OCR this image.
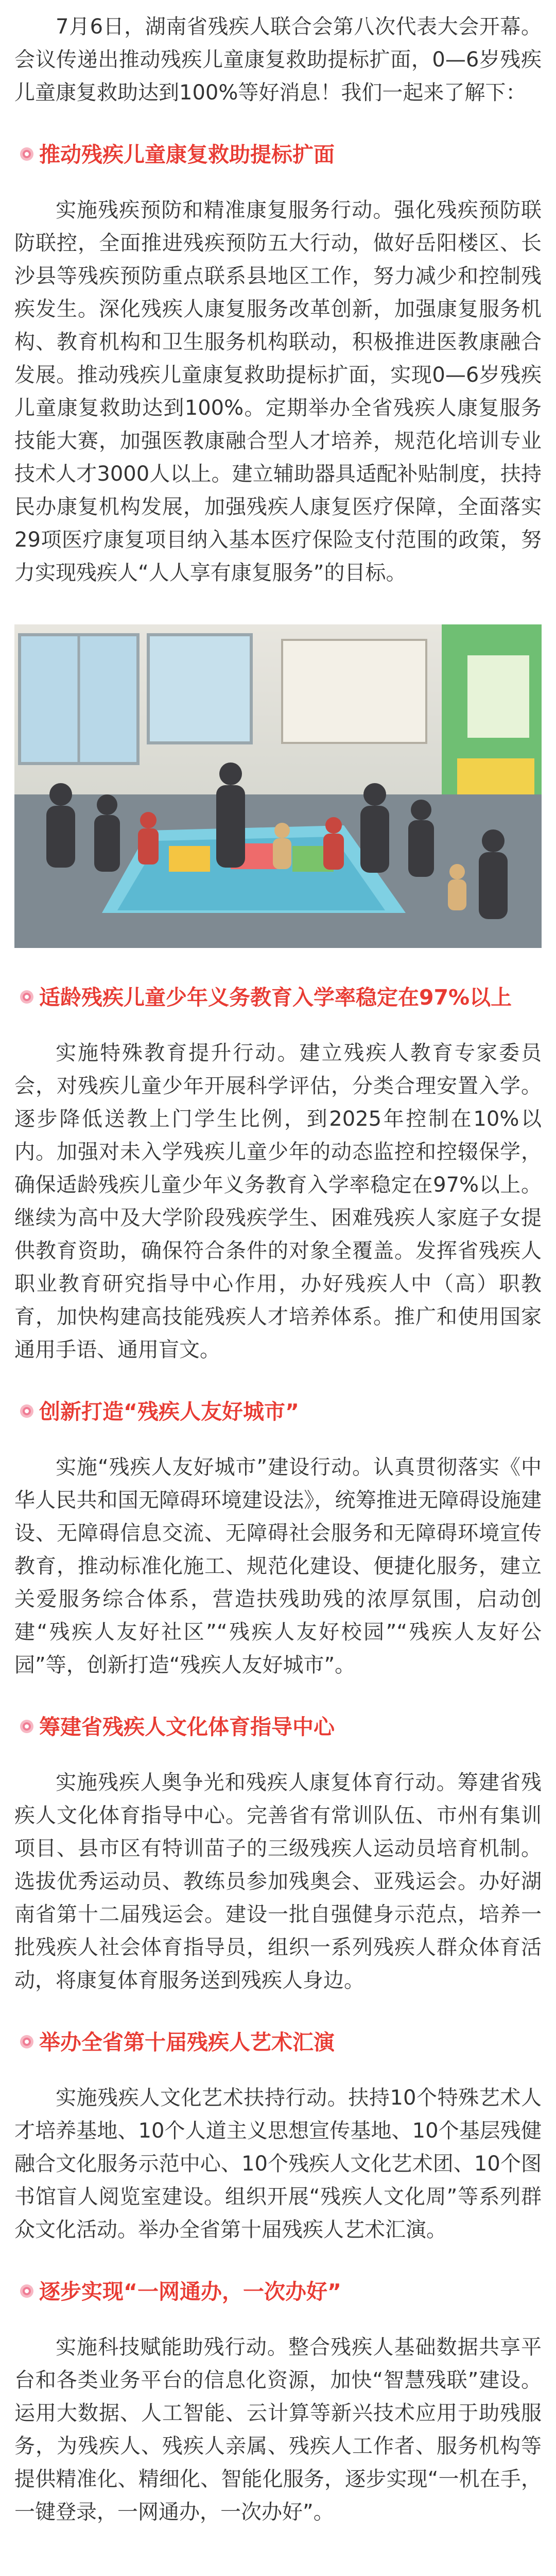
7月6日，湖南省残疾人联合会第八次代表大会开幕。会议传递出推动残疾儿童康复救助提标扩面，0—6岁残疾儿童康复救助达到100%等好消息！我们一起来了解下：

推动残疾儿童康复救助提标扩面

实施残疾预防和精准康复服务行动。强化残疾预防联防联控，全面推进残疾预防五大行动，做好岳阳楼区、长沙县等残疾预防重点联系县地区工作，努力减少和控制残疾发生。深化残疾人康复服务改革创新，加强康复服务机构、教育机构和卫生服务机构联动，积极推进医教康融合发展。推动残疾儿童康复救助提标扩面，实现0—6岁残疾儿童康复救助达到100%。定期举办全省残疾人康复服务技能大赛，加强医教康融合型人才培养，规范化培训专业技术人才3000人以上。建立辅助器具适配补贴制度，扶持民办康复机构发展，加强残疾人康复医疗保障，全面落实29项医疗康复项目纳入基本医疗保险支付范围的政策，努力实现残疾人“人人享有康复服务”的目标。

适龄残疾儿童少年义务教育入学率稳定在97%以上

实施特殊教育提升行动。建立残疾人教育专家委员会，对残疾儿童少年开展科学评估，分类合理安置入学。逐步降低送教上门学生比例，到2025年控制在10%以内。加强对未入学残疾儿童少年的动态监控和控辍保学，确保适龄残疾儿童少年义务教育入学率稳定在97%以上。继续为高中及大学阶段残疾学生、困难残疾人家庭子女提供教育资助，确保符合条件的对象全覆盖。发挥省残疾人职业教育研究指导中心作用，办好残疾人中（高）职教育，加快构建高技能残疾人才培养体系。推广和使用国家通用手语、通用盲文。

创新打造“残疾人友好城市”

实施“残疾人友好城市”建设行动。认真贯彻落实《中华人民共和国无障碍环境建设法》，统筹推进无障碍设施建设、无障碍信息交流、无障碍社会服务和无障碍环境宣传教育，推动标准化施工、规范化建设、便捷化服务，建立关爱服务综合体系，营造扶残助残的浓厚氛围，启动创建“残疾人友好社区”“残疾人友好校园”“残疾人友好公园”等，创新打造“残疾人友好城市”。

筹建省残疾人文化体育指导中心

实施残疾人奥争光和残疾人康复体育行动。筹建省残疾人文化体育指导中心。完善省有常训队伍、市州有集训项目、县市区有特训苗子的三级残疾人运动员培育机制。选拔优秀运动员、教练员参加残奥会、亚残运会。办好湖南省第十二届残运会。建设一批自强健身示范点，培养一批残疾人社会体育指导员，组织一系列残疾人群众体育活动，将康复体育服务送到残疾人身边。

举办全省第十届残疾人艺术汇演

实施残疾人文化艺术扶持行动。扶持10个特殊艺术人才培养基地、10个人道主义思想宣传基地、10个基层残健融合文化服务示范中心、10个残疾人文化艺术团、10个图书馆盲人阅览室建设。组织开展“残疾人文化周”等系列群众文化活动。举办全省第十届残疾人艺术汇演。

逐步实现“一网通办，一次办好”

实施科技赋能助残行动。整合残疾人基础数据共享平台和各类业务平台的信息化资源，加快“智慧残联”建设。运用大数据、人工智能、云计算等新兴技术应用于助残服务，为残疾人、残疾人亲属、残疾人工作者、服务机构等提供精准化、精细化、智能化服务，逐步实现“一机在手，一键登录，一网通办，一次办好”。
